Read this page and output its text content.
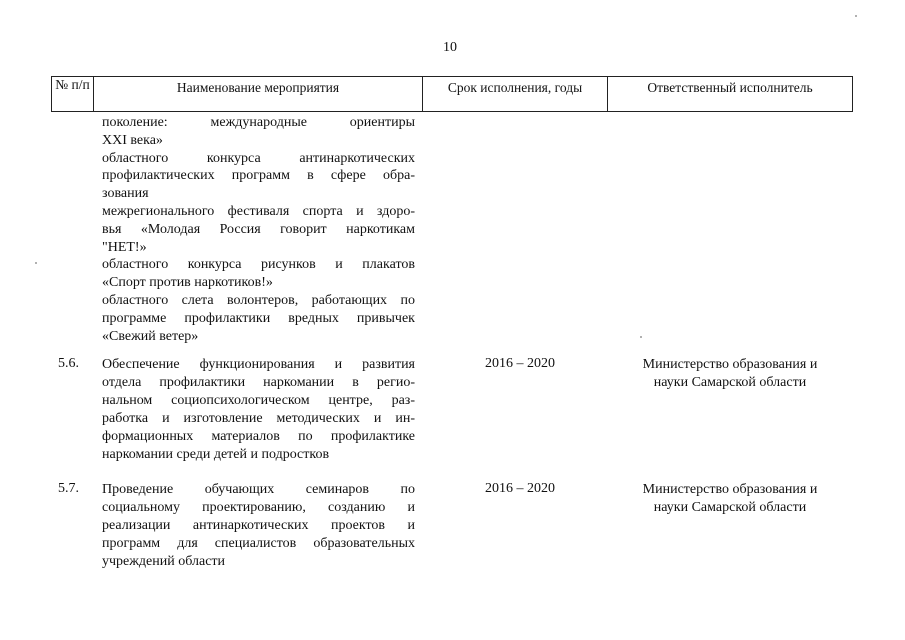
10
№ п/п	Наименование мероприятия	Срок исполнения, годы	Ответственный исполнитель
поколение: международные ориентиры
XXI века»
областного конкурса антинаркотических
профилактических программ в сфере обра-
зования
межрегионального фестиваля спорта и здоро-
вья «Молодая Россия говорит наркотикам
"НЕТ!»
областного конкурса рисунков и плакатов
«Спорт против наркотиков!»
областного слета волонтеров, работающих по
программе профилактики вредных привычек
«Свежий ветер»
5.6. Обеспечение функционирования и развития
отдела профилактики наркомании в регио-
нальном социопсихологическом центре, раз-
работка и изготовление методических и ин-
формационных материалов по профилактике
наркомании среди детей и подростков
2016 – 2020	Министерство образования и
науки Самарской области
5.7. Проведение обучающих семинаров по
социальному проектированию, созданию и
реализации антинаркотических проектов и
программ для специалистов образовательных
учреждений области
2016 – 2020	Министерство образования и
науки Самарской области
